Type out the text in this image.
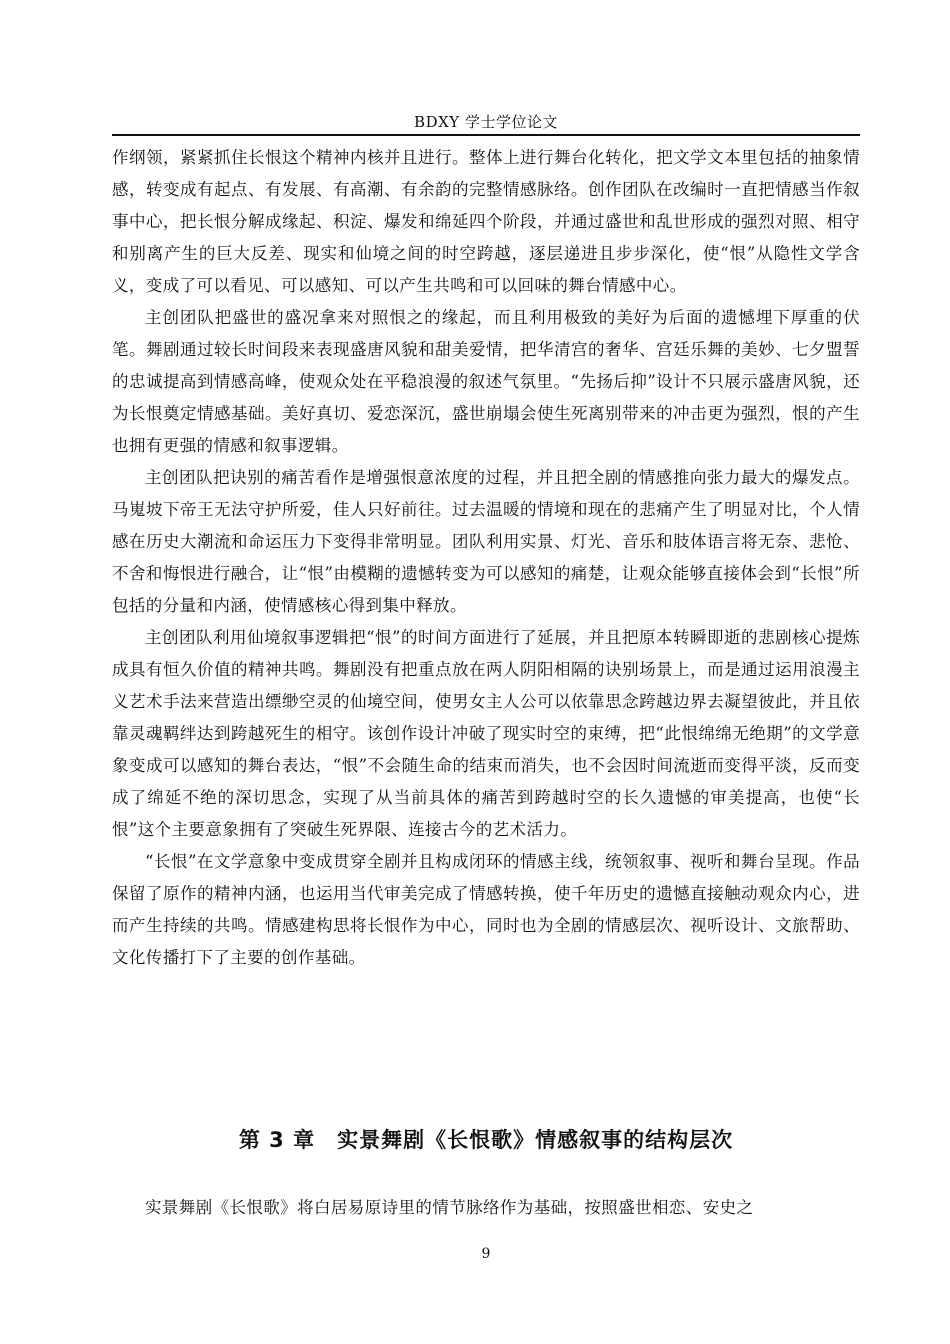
BDXY 学士学位论文

作纲领，紧紧抓住长恨这个精神内核并且进行。整体上进行舞台化转化，把文学文本里包括的抽象情感，转变成有起点、有发展、有高潮、有余韵的完整情感脉络。创作团队在改编时一直把情感当作叙事中心，把长恨分解成缘起、积淀、爆发和绵延四个阶段，并通过盛世和乱世形成的强烈对照、相守和别离产生的巨大反差、现实和仙境之间的时空跨越，逐层递进且步步深化，使“恨”从隐性文学含义，变成了可以看见、可以感知、可以产生共鸣和可以回味的舞台情感中心。

主创团队把盛世的盛况拿来对照恨之的缘起，而且利用极致的美好为后面的遗憾埋下厚重的伏笔。舞剧通过较长时间段来表现盛唐风貌和甜美爱情，把华清宫的奢华、宫廷乐舞的美妙、七夕盟誓的忠诚提高到情感高峰，使观众处在平稳浪漫的叙述气氛里。“先扬后抑”设计不只展示盛唐风貌，还为长恨奠定情感基础。美好真切、爱恋深沉，盛世崩塌会使生死离别带来的冲击更为强烈，恨的产生也拥有更强的情感和叙事逻辑。

主创团队把诀别的痛苦看作是增强恨意浓度的过程，并且把全剧的情感推向张力最大的爆发点。马嵬坡下帝王无法守护所爱，佳人只好前往。过去温暖的情境和现在的悲痛产生了明显对比，个人情感在历史大潮流和命运压力下变得非常明显。团队利用实景、灯光、音乐和肢体语言将无奈、悲怆、不舍和悔恨进行融合，让“恨”由模糊的遗憾转变为可以感知的痛楚，让观众能够直接体会到“长恨”所包括的分量和内涵，使情感核心得到集中释放。

主创团队利用仙境叙事逻辑把“恨”的时间方面进行了延展，并且把原本转瞬即逝的悲剧核心提炼成具有恒久价值的精神共鸣。舞剧没有把重点放在两人阴阳相隔的诀别场景上，而是通过运用浪漫主义艺术手法来营造出缥缈空灵的仙境空间，使男女主人公可以依靠思念跨越边界去凝望彼此，并且依靠灵魂羁绊达到跨越死生的相守。该创作设计冲破了现实时空的束缚，把“此恨绵绵无绝期”的文学意象变成可以感知的舞台表达，“恨”不会随生命的结束而消失，也不会因时间流逝而变得平淡，反而变成了绵延不绝的深切思念，实现了从当前具体的痛苦到跨越时空的长久遗憾的审美提高，也使“长恨”这个主要意象拥有了突破生死界限、连接古今的艺术活力。

“长恨”在文学意象中变成贯穿全剧并且构成闭环的情感主线，统领叙事、视听和舞台呈现。作品保留了原作的精神内涵，也运用当代审美完成了情感转换，使千年历史的遗憾直接触动观众内心，进而产生持续的共鸣。情感建构思将长恨作为中心，同时也为全剧的情感层次、视听设计、文旅帮助、文化传播打下了主要的创作基础。

第 3 章 实景舞剧《长恨歌》情感叙事的结构层次

实景舞剧《长恨歌》将白居易原诗里的情节脉络作为基础，按照盛世相恋、安史之

9
